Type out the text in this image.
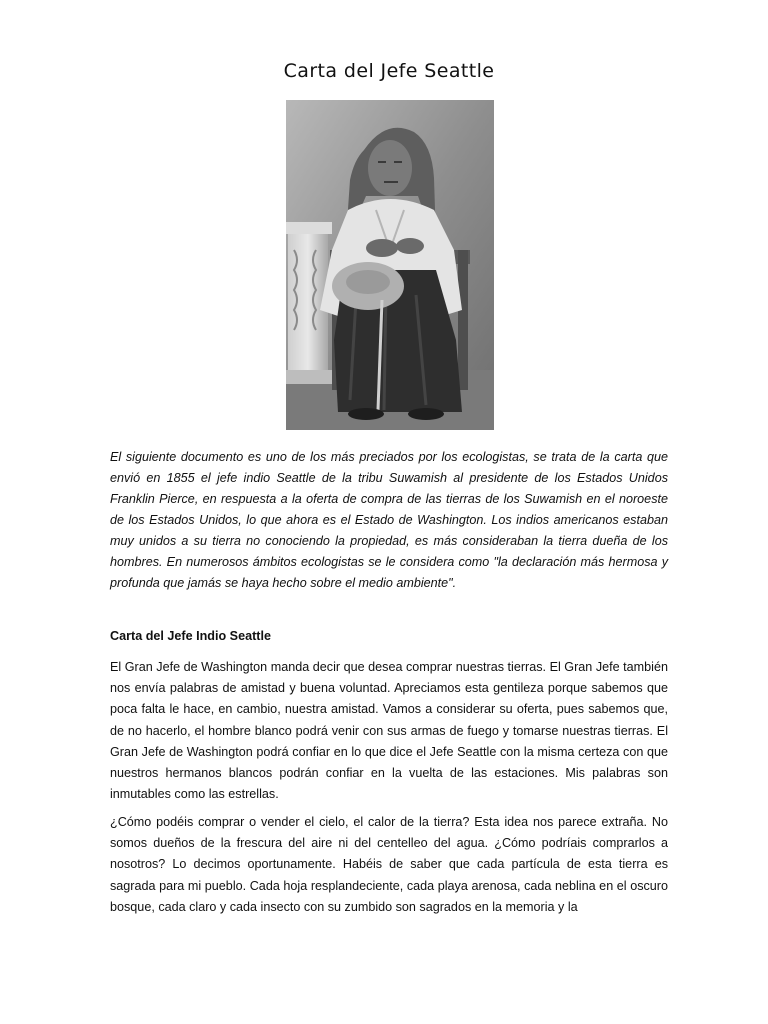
Carta del Jefe Seattle

El siguiente documento es uno de los más preciados por los ecologistas, se trata de la carta que envió en 1855 el jefe indio Seattle de la tribu Suwamish al presidente de los Estados Unidos Franklin Pierce, en respuesta a la oferta de compra de las tierras de los Suwamish en el noroeste de los Estados Unidos, lo que ahora es el Estado de Washington. Los indios americanos estaban muy unidos a su tierra no conociendo la propiedad, es más consideraban la tierra dueña de los hombres. En numerosos ámbitos ecologistas se le considera como "la declaración más hermosa y profunda que jamás se haya hecho sobre el medio ambiente".

Carta del Jefe Indio Seattle

El Gran Jefe de Washington manda decir que desea comprar nuestras tierras. El Gran Jefe también nos envía palabras de amistad y buena voluntad. Apreciamos esta gentileza porque sabemos que poca falta le hace, en cambio, nuestra amistad. Vamos a considerar su oferta, pues sabemos que, de no hacerlo, el hombre blanco podrá venir con sus armas de fuego y tomarse nuestras tierras. El Gran Jefe de Washington podrá confiar en lo que dice el Jefe Seattle con la misma certeza con que nuestros hermanos blancos podrán confiar en la vuelta de las estaciones. Mis palabras son inmutables como las estrellas.

¿Cómo podéis comprar o vender el cielo, el calor de la tierra? Esta idea nos parece extraña. No somos dueños de la frescura del aire ni del centelleo del agua. ¿Cómo podríais comprarlos a nosotros? Lo decimos oportunamente. Habéis de saber que cada partícula de esta tierra es sagrada para mi pueblo. Cada hoja resplandeciente, cada playa arenosa, cada neblina en el oscuro bosque, cada claro y cada insecto con su zumbido son sagrados en la memoria y la
